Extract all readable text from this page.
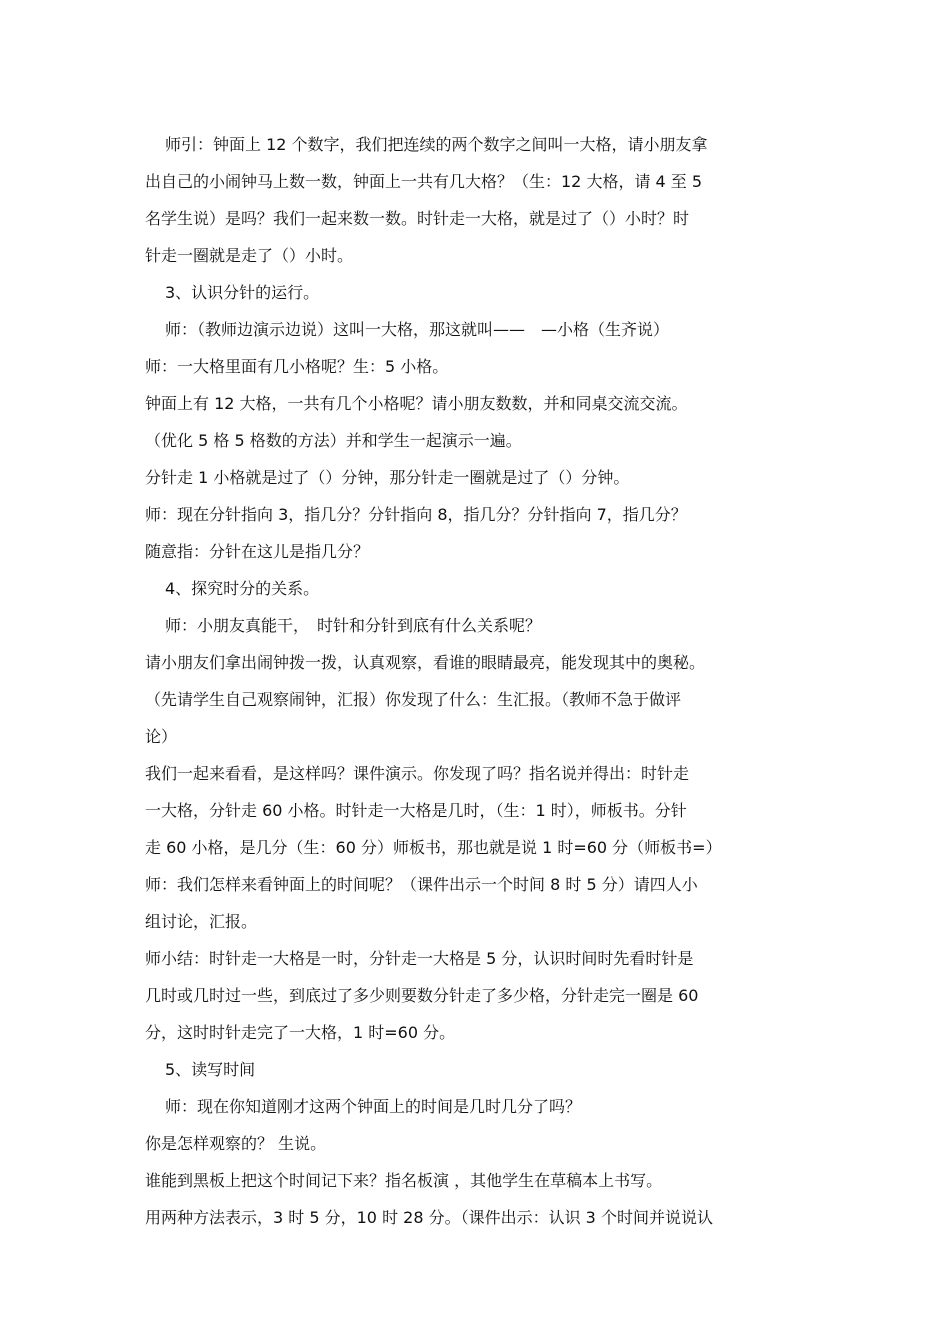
师引：钟面上 12 个数字，我们把连续的两个数字之间叫一大格，请小朋友拿
出自己的小闹钟马上数一数，钟面上一共有几大格？（生：12 大格，请 4 至 5
名学生说）是吗？我们一起来数一数。时针走一大格，就是过了（）小时？时
针走一圈就是走了（）小时。
3、认识分针的运行。
师：（教师边演示边说）这叫一大格，那这就叫——　—小格（生齐说）
师：一大格里面有几小格呢？生：5 小格。
钟面上有 12 大格，一共有几个小格呢？请小朋友数数，并和同桌交流交流。
（优化 5 格 5 格数的方法）并和学生一起演示一遍。
分针走 1 小格就是过了（）分钟，那分针走一圈就是过了（）分钟。
师：现在分针指向 3，指几分？分针指向 8，指几分？分针指向 7，指几分？
随意指：分针在这儿是指几分？
4、探究时分的关系。
师：小朋友真能干，　时针和分针到底有什么关系呢？
请小朋友们拿出闹钟拨一拨，认真观察，看谁的眼睛最亮，能发现其中的奥秘。
（先请学生自己观察闹钟，汇报）你发现了什么：生汇报。（教师不急于做评
论）
我们一起来看看，是这样吗？课件演示。你发现了吗？指名说并得出：时针走
一大格，分针走 60 小格。时针走一大格是几时，（生：1 时），师板书。分针
走 60 小格，是几分（生：60 分）师板书，那也就是说 1 时=60 分（师板书=）
师：我们怎样来看钟面上的时间呢？（课件出示一个时间 8 时 5 分）请四人小
组讨论，汇报。
师小结：时针走一大格是一时，分针走一大格是 5 分，认识时间时先看时针是
几时或几时过一些，到底过了多少则要数分针走了多少格，分针走完一圈是 60
分，这时时针走完了一大格，1 时=60 分。
5、读写时间
师：现在你知道刚才这两个钟面上的时间是几时几分了吗？
你是怎样观察的？ 生说。
谁能到黑板上把这个时间记下来？指名板演 ，其他学生在草稿本上书写。
用两种方法表示，3 时 5 分，10 时 28 分。（课件出示：认识 3 个时间并说说认
